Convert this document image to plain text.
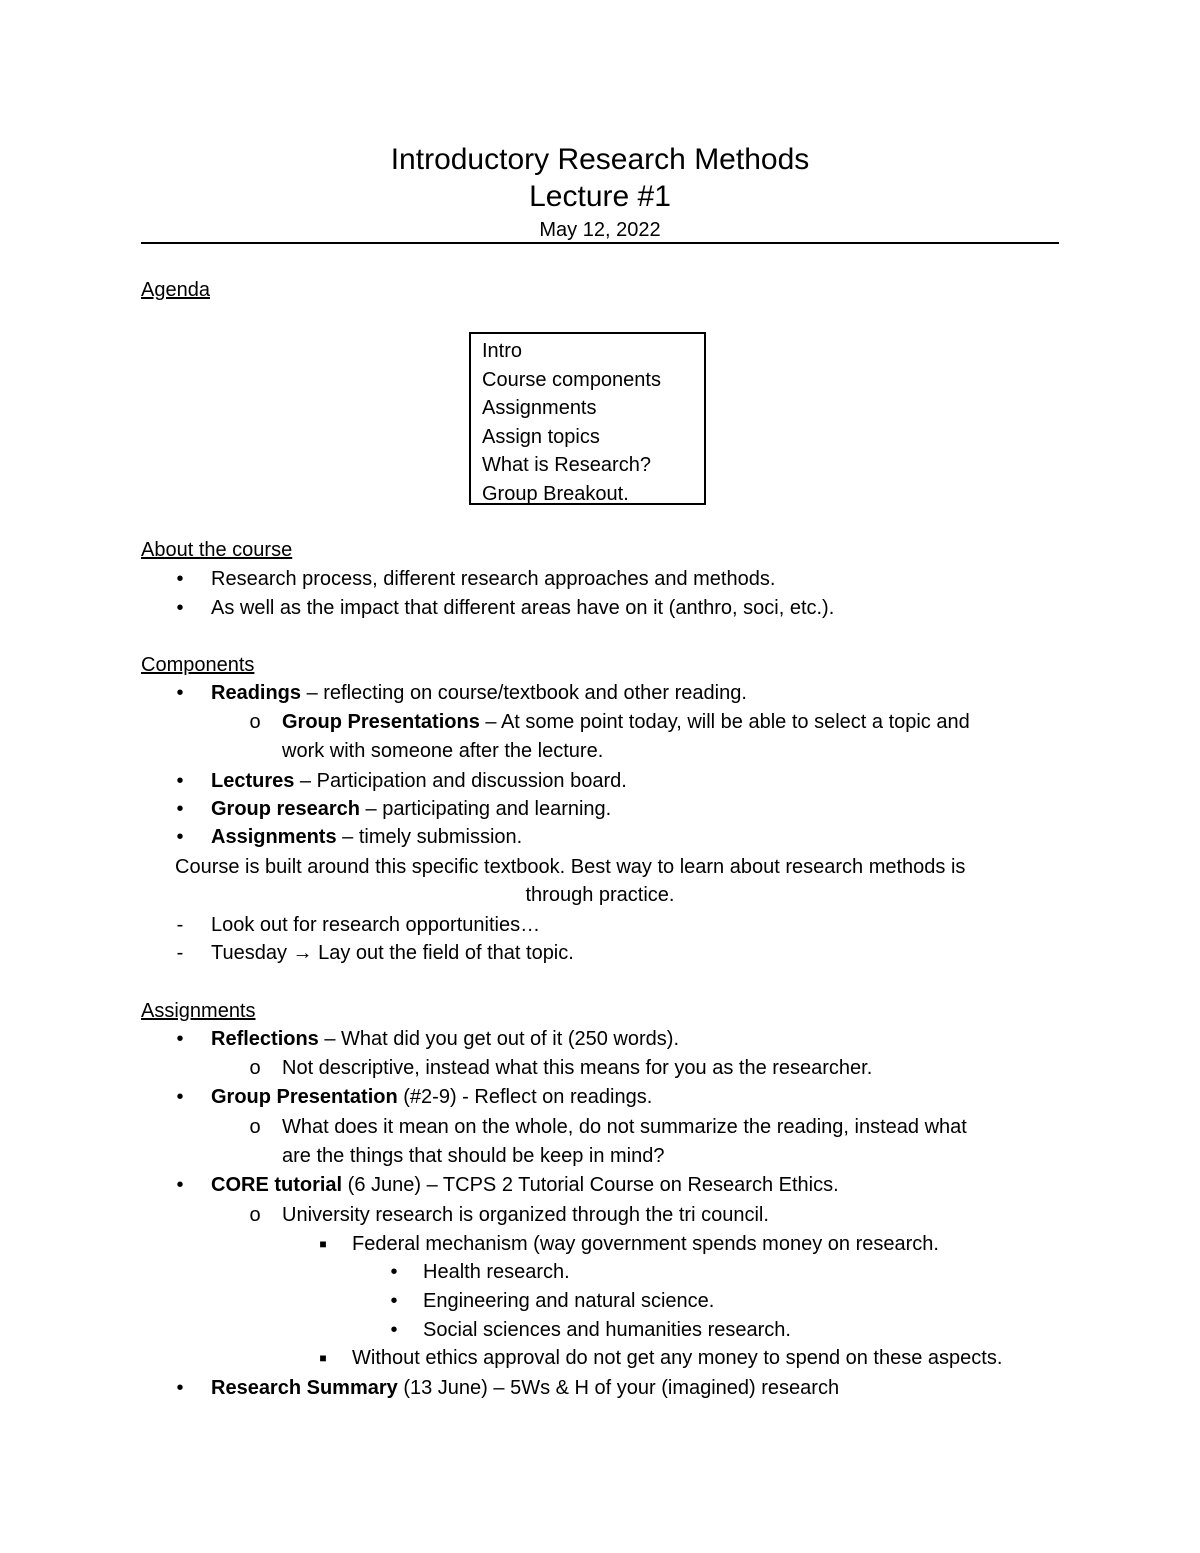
Introductory Research Methods
Lecture #1
May 12, 2022
Agenda
Intro
Course components
Assignments
Assign topics
What is Research?
Group Breakout.
About the course
•	Research process, different research approaches and methods.
•	As well as the impact that different areas have on it (anthro, soci, etc.).
Components
•	Readings – reflecting on course/textbook and other reading.
o Group Presentations – At some point today, will be able to select a topic and
work with someone after the lecture.
•	Lectures – Participation and discussion board.
•	Group research – participating and learning.
•	Assignments – timely submission.
Course is built around this specific textbook. Best way to learn about research methods is
through practice.
-	Look out for research opportunities…
-	Tuesday → Lay out the field of that topic.
Assignments
•	Reflections – What did you get out of it (250 words).
o Not descriptive, instead what this means for you as the researcher.
•	Group Presentation (#2-9) - Reflect on readings.
o What does it mean on the whole, do not summarize the reading, instead what
are the things that should be keep in mind?
•	CORE tutorial (6 June) – TCPS 2 Tutorial Course on Research Ethics.
o University research is organized through the tri council.
■	Federal mechanism (way government spends money on research.
•	Health research.
•	Engineering and natural science.
•	Social sciences and humanities research.
■	Without ethics approval do not get any money to spend on these aspects.
•	Research Summary (13 June) – 5Ws & H of your (imagined) research
